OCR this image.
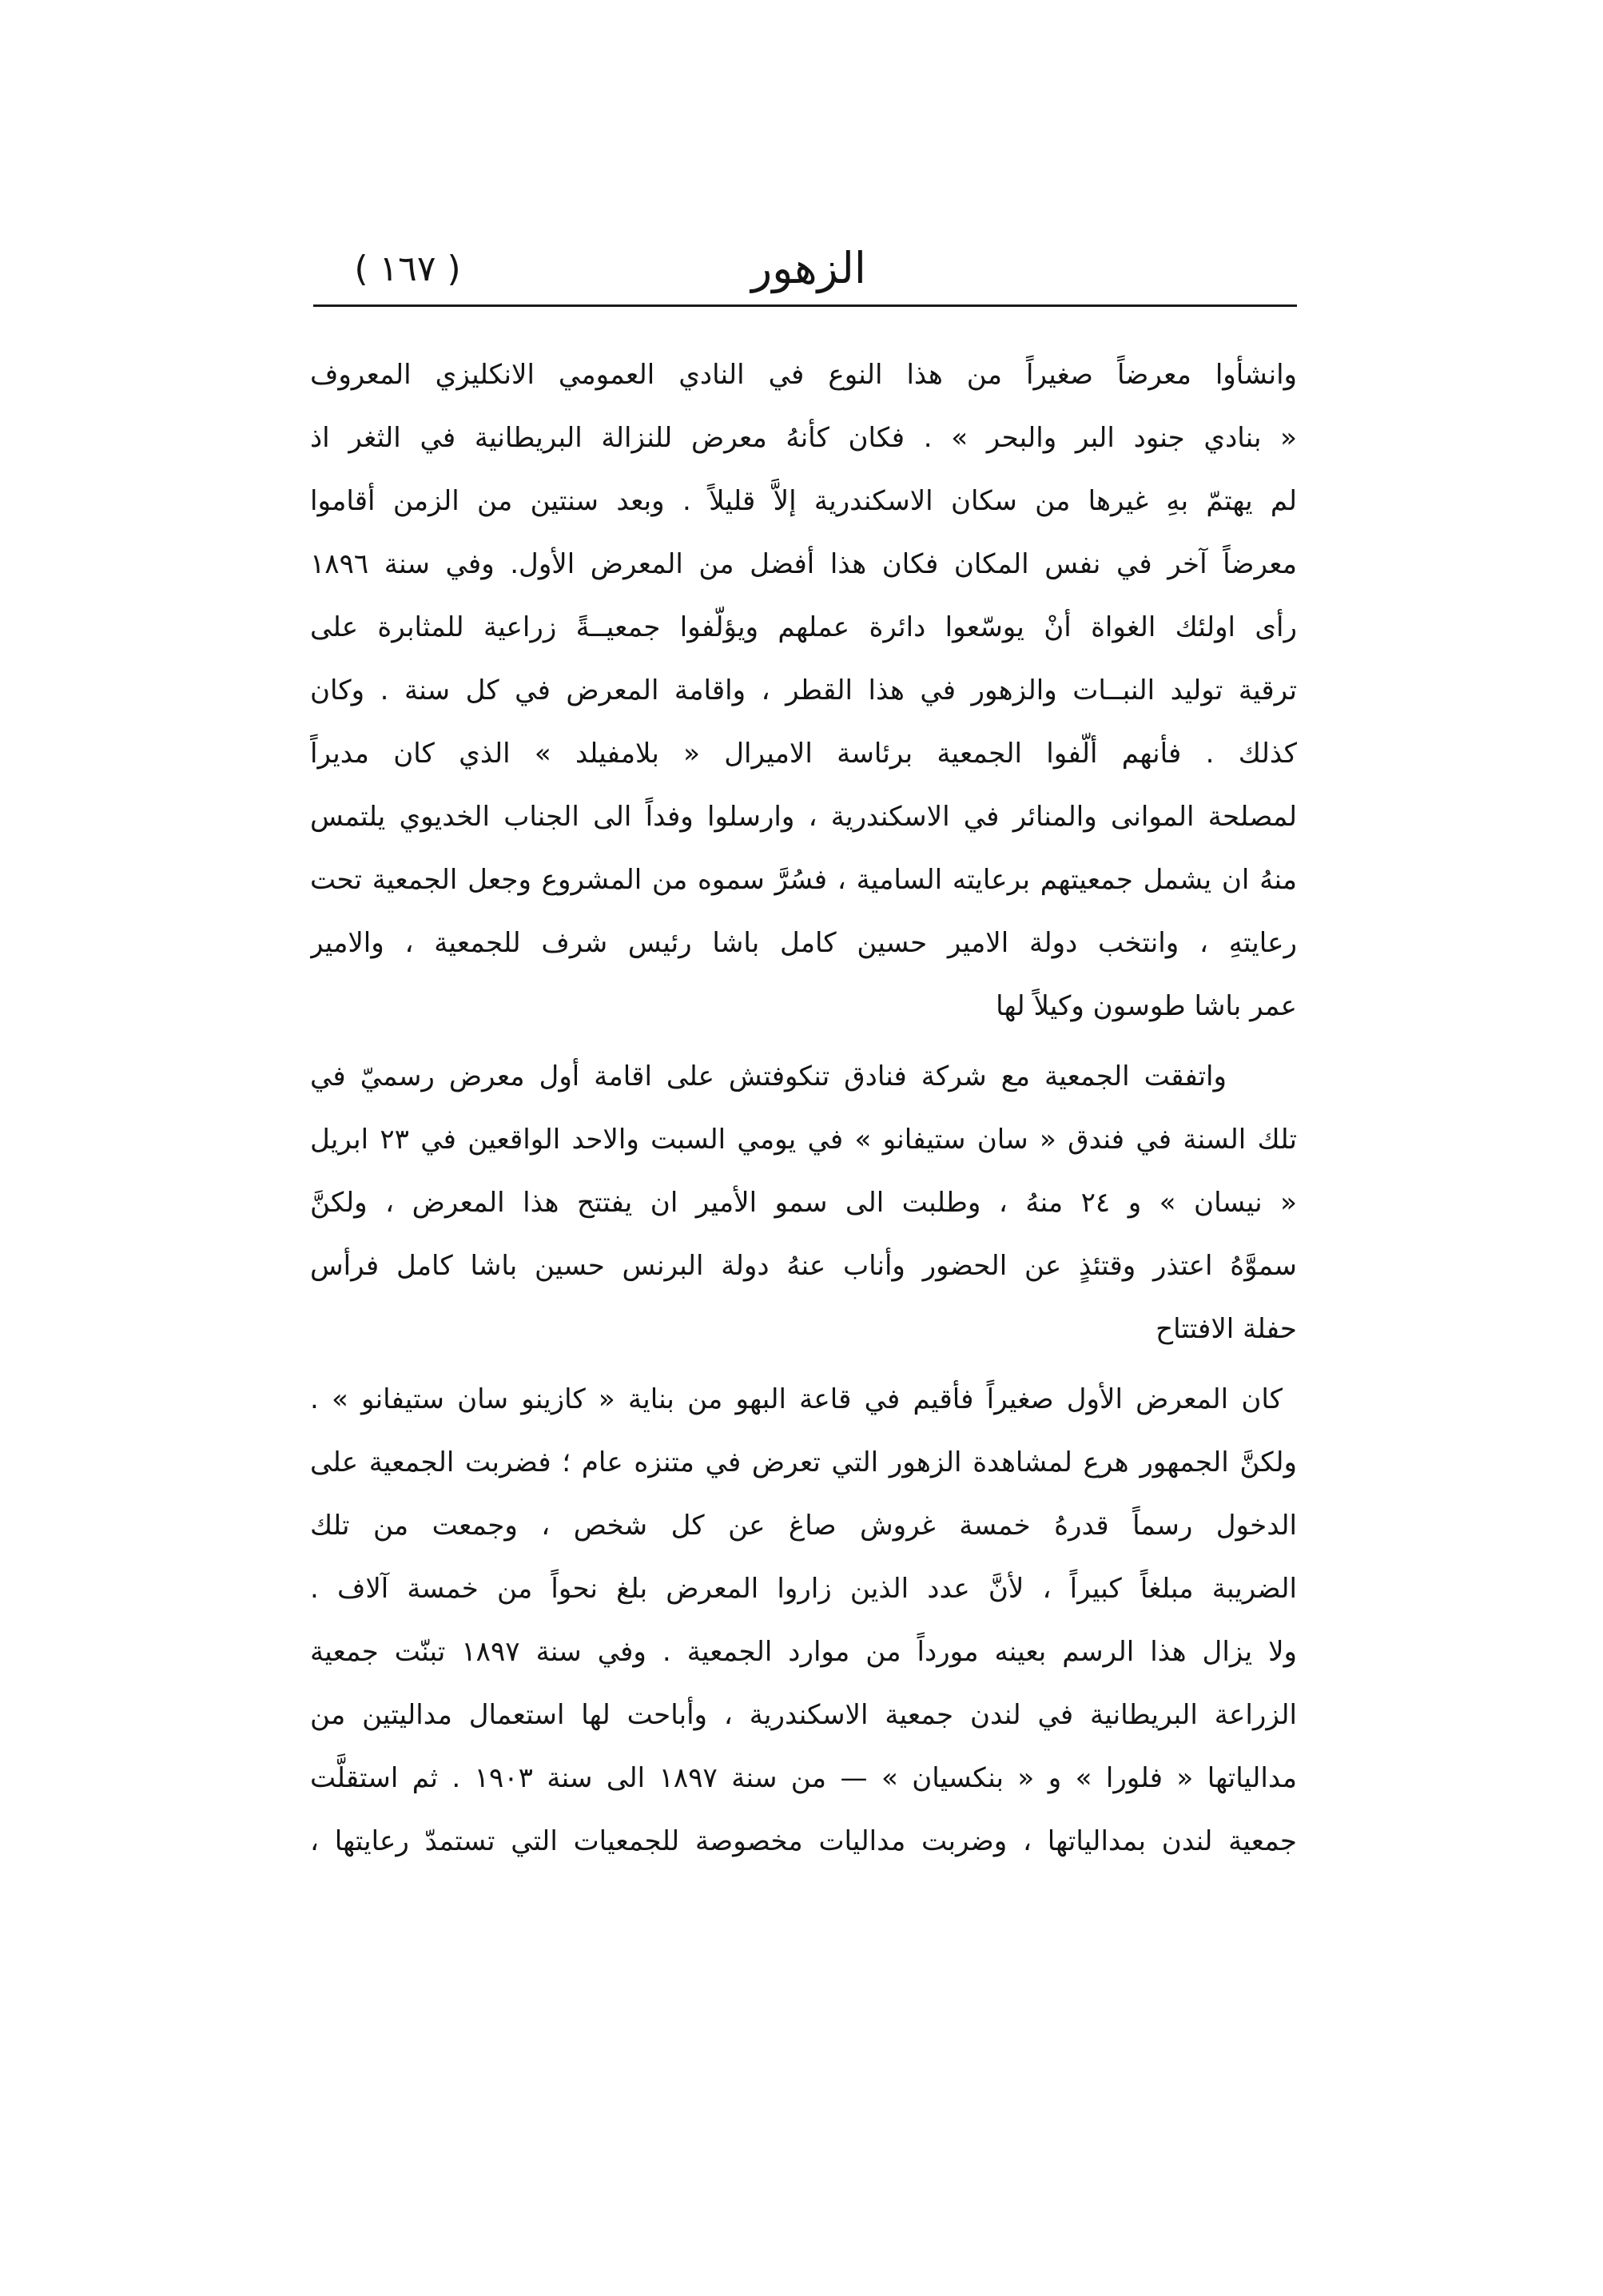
الزهور
( ١٦٧ )
وانشأوا معرضاً صغيراً من هذا النوع في النادي العمومي الانكليزي المعروف
« بنادي جنود البر والبحر » . فكان كأنهُ معرض للنزالة البريطانية في الثغر اذ
لم يهتمّ بهِ غيرها من سكان الاسكندرية إلاَّ قليلاً . وبعد سنتين من الزمن أقاموا
معرضاً آخر في نفس المكان فكان هذا أفضل من المعرض الأول. وفي سنة ١٨٩٦
رأى اولئك الغواة أنْ يوسّعوا دائرة عملهم ويؤلّفوا جمعيــةً زراعية للمثابرة على
ترقية توليد النبــات والزهور في هذا القطر ، واقامة المعرض في كل سنة . وكان
كذلك . فأنهم ألّفوا الجمعية برئاسة الاميرال « بلامفيلد » الذي كان مديراً
لمصلحة الموانى والمنائر في الاسكندرية ، وارسلوا وفداً الى الجناب الخديوي يلتمس
منهُ ان يشمل جمعيتهم برعايته السامية ، فسُرَّ سموه من المشروع وجعل الجمعية تحت
رعايتهِ ، وانتخب دولة الامير حسين كامل باشا رئيس شرف للجمعية ، والامير
عمر باشا طوسون وكيلاً لها
واتفقت الجمعية مع شركة فنادق تنكوفتش على اقامة أول معرض رسميّ في
تلك السنة في فندق « سان ستيفانو » في يومي السبت والاحد الواقعين في ٢٣ ابريل
« نيسان » و ٢٤ منهُ ، وطلبت الى سمو الأمير ان يفتتح هذا المعرض ، ولكنَّ
سموَّهُ اعتذر وقتئذٍ عن الحضور وأناب عنهُ دولة البرنس حسين باشا كامل فرأس
حفلة الافتتاح
كان المعرض الأول صغيراً فأقيم في قاعة البهو من بناية « كازينو سان ستيفانو » .
ولكنَّ الجمهور هرع لمشاهدة الزهور التي تعرض في متنزه عام ؛ فضربت الجمعية على
الدخول رسماً قدرهُ خمسة غروش صاغ عن كل شخص ، وجمعت من تلك
الضريبة مبلغاً كبيراً ، لأنَّ عدد الذين زاروا المعرض بلغ نحواً من خمسة آلاف .
ولا يزال هذا الرسم بعينه مورداً من موارد الجمعية . وفي سنة ١٨٩٧ تبنّت جمعية
الزراعة البريطانية في لندن جمعية الاسكندرية ، وأباحت لها استعمال مداليتين من
مدالياتها « فلورا » و « بنكسيان » — من سنة ١٨٩٧ الى سنة ١٩٠٣ . ثم استقلَّت
جمعية لندن بمدالياتها ، وضربت مداليات مخصوصة للجمعيات التي تستمدّ رعايتها ،
